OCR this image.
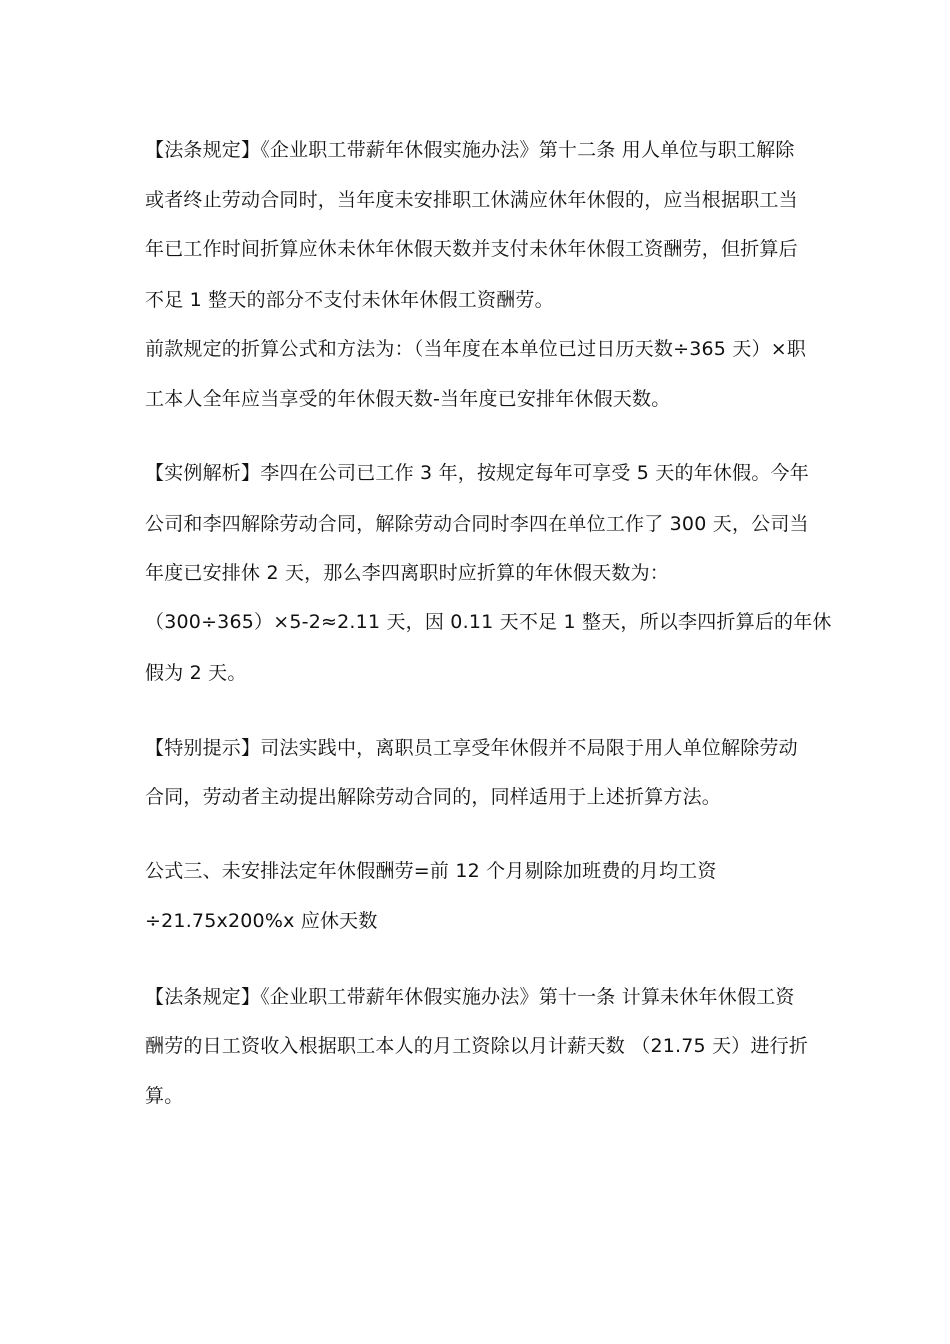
【法条规定】《企业职工带薪年休假实施办法》第十二条 用人单位与职工解除
或者终止劳动合同时，当年度未安排职工休满应休年休假的，应当根据职工当
年已工作时间折算应休未休年休假天数并支付未休年休假工资酬劳，但折算后
不足 1 整天的部分不支付未休年休假工资酬劳。
前款规定的折算公式和方法为：（当年度在本单位已过日历天数÷365 天）×职
工本人全年应当享受的年休假天数-当年度已安排年休假天数。
【实例解析】李四在公司已工作 3 年，按规定每年可享受 5 天的年休假。今年
公司和李四解除劳动合同，解除劳动合同时李四在单位工作了 300 天，公司当
年度已安排休 2 天，那么李四离职时应折算的年休假天数为：
（300÷365）×5-2≈2.11 天，因 0.11 天不足 1 整天，所以李四折算后的年休
假为 2 天。
【特别提示】司法实践中，离职员工享受年休假并不局限于用人单位解除劳动
合同，劳动者主动提出解除劳动合同的，同样适用于上述折算方法。
公式三、未安排法定年休假酬劳=前 12 个月剔除加班费的月均工资
÷21.75x200%x 应休天数
【法条规定】《企业职工带薪年休假实施办法》第十一条 计算未休年休假工资
酬劳的日工资收入根据职工本人的月工资除以月计薪天数 （21.75 天）进行折
算。
